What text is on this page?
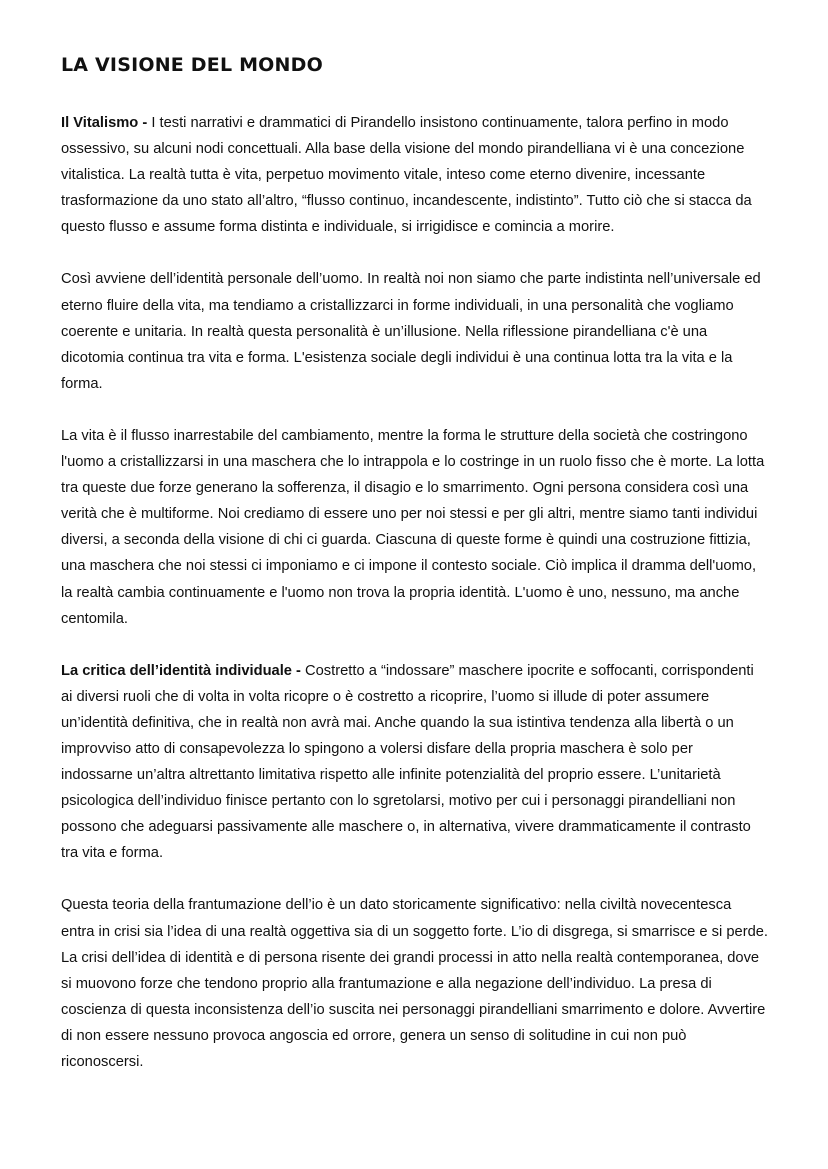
LA VISIONE DEL MONDO

Il Vitalismo - I testi narrativi e drammatici di Pirandello insistono continuamente, talora perfino in modo ossessivo, su alcuni nodi concettuali. Alla base della visione del mondo pirandelliana vi è una concezione vitalistica. La realtà tutta è vita, perpetuo movimento vitale, inteso come eterno divenire, incessante trasformazione da uno stato all’altro, “flusso continuo, incandescente, indistinto”. Tutto ciò che si stacca da questo flusso e assume forma distinta e individuale, si irrigidisce e comincia a morire.

Così avviene dell’identità personale dell’uomo. In realtà noi non siamo che parte indistinta nell’universale ed eterno fluire della vita, ma tendiamo a cristallizzarci in forme individuali, in una personalità che vogliamo coerente e unitaria. In realtà questa personalità è un’illusione. Nella riflessione pirandelliana c'è una dicotomia continua tra vita e forma. L'esistenza sociale degli individui è una continua lotta tra la vita e la forma.

La vita è il flusso inarrestabile del cambiamento, mentre la forma le strutture della società che costringono l'uomo a cristallizzarsi in una maschera che lo intrappola e lo costringe in un ruolo fisso che è morte. La lotta tra queste due forze generano la sofferenza, il disagio e lo smarrimento. Ogni persona considera così una verità che è multiforme. Noi crediamo di essere uno per noi stessi e per gli altri, mentre siamo tanti individui diversi, a seconda della visione di chi ci guarda. Ciascuna di queste forme è quindi una costruzione fittizia, una maschera che noi stessi ci imponiamo e ci impone il contesto sociale. Ciò implica il dramma dell'uomo, la realtà cambia continuamente e l'uomo non trova la propria identità. L'uomo è uno, nessuno, ma anche centomila.

La critica dell’identità individuale - Costretto a “indossare” maschere ipocrite e soffocanti, corrispondenti ai diversi ruoli che di volta in volta ricopre o è costretto a ricoprire, l’uomo si illude di poter assumere un’identità definitiva, che in realtà non avrà mai. Anche quando la sua istintiva tendenza alla libertà o un improvviso atto di consapevolezza lo spingono a volersi disfare della propria maschera è solo per indossarne un’altra altrettanto limitativa rispetto alle infinite potenzialità del proprio essere. L’unitarietà psicologica dell’individuo finisce pertanto con lo sgretolarsi, motivo per cui i personaggi pirandelliani non possono che adeguarsi passivamente alle maschere o, in alternativa, vivere drammaticamente il contrasto tra vita e forma.

Questa teoria della frantumazione dell’io è un dato storicamente significativo: nella civiltà novecentesca entra in crisi sia l’idea di una realtà oggettiva sia di un soggetto forte. L’io di disgrega, si smarrisce e si perde. La crisi dell’idea di identità e di persona risente dei grandi processi in atto nella realtà contemporanea, dove si muovono forze che tendono proprio alla frantumazione e alla negazione dell’individuo. La presa di coscienza di questa inconsistenza dell’io suscita nei personaggi pirandelliani smarrimento e dolore. Avvertire di non essere nessuno provoca angoscia ed orrore, genera un senso di solitudine in cui non può riconoscersi.
